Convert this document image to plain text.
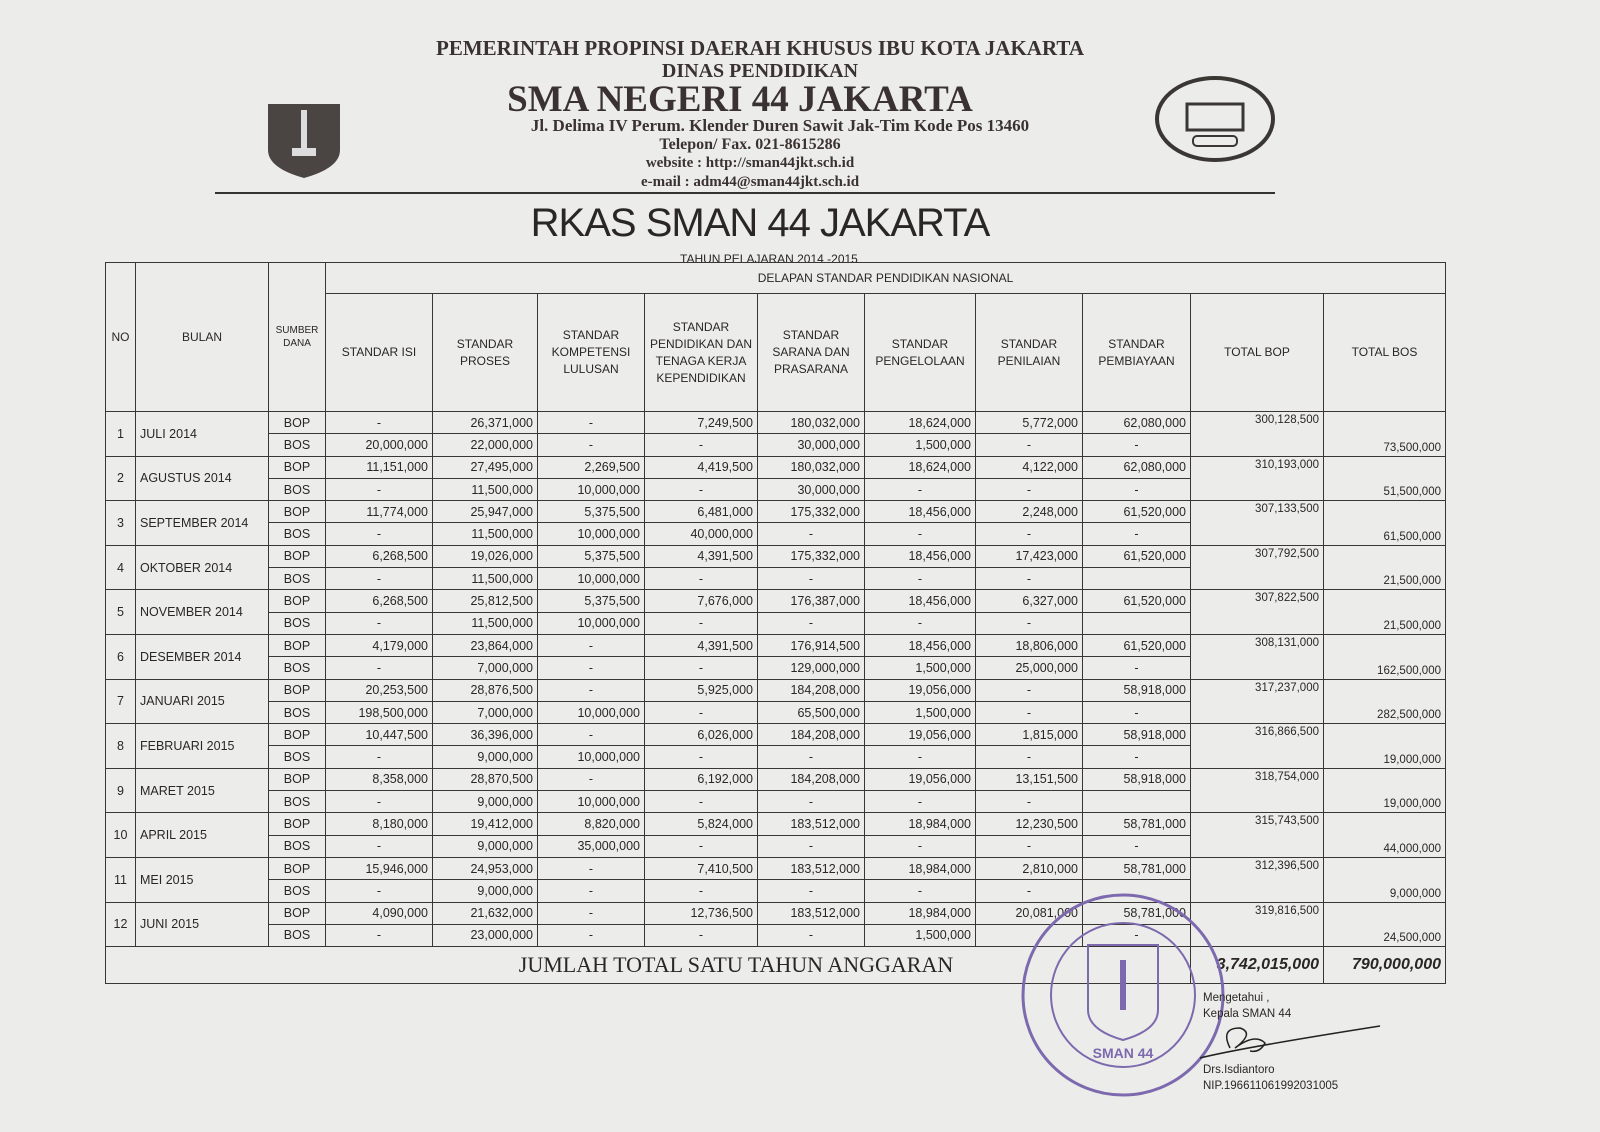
PEMERINTAH PROPINSI DAERAH KHUSUS IBU KOTA JAKARTA
DINAS PENDIDIKAN
SMA NEGERI 44 JAKARTA
Jl. Delima IV Perum. Klender Duren Sawit Jak-Tim Kode Pos 13460
Telepon/ Fax. 021-8615286
website : http://sman44jkt.sch.id
e-mail : adm44@sman44jkt.sch.id
RKAS SMAN 44 JAKARTA
TAHUN PELAJARAN 2014 -2015
NO	BULAN	SUMBER DANA	DELAPAN STANDAR PENDIDIKAN NASIONAL									
			STANDAR ISI	STANDAR PROSES	STANDAR KOMPETENSI LULUSAN	STANDAR PENDIDIKAN DAN TENAGA KERJA KEPENDIDIKAN	STANDAR SARANA DAN PRASARANA	STANDAR PENGELOLAAN	STANDAR PENILAIAN	STANDAR PEMBIAYAAN	TOTAL BOP	TOTAL BOS
1	JULI 2014	BOP	-	26,371,000	-	7,249,500	180,032,000	18,624,000	5,772,000	62,080,000	300,128,500	73,500,000
		BOS	20,000,000	22,000,000	-	-	30,000,000	1,500,000	-	-		
2	AGUSTUS 2014	BOP	11,151,000	27,495,000	2,269,500	4,419,500	180,032,000	18,624,000	4,122,000	62,080,000	310,193,000	51,500,000
		BOS	-	11,500,000	10,000,000	-	30,000,000	-	-	-		
3	SEPTEMBER 2014	BOP	11,774,000	25,947,000	5,375,500	6,481,000	175,332,000	18,456,000	2,248,000	61,520,000	307,133,500	61,500,000
		BOS	-	11,500,000	10,000,000	40,000,000	-	-	-	-		
4	OKTOBER 2014	BOP	6,268,500	19,026,000	5,375,500	4,391,500	175,332,000	18,456,000	17,423,000	61,520,000	307,792,500	21,500,000
		BOS	-	11,500,000	10,000,000	-	-	-	-			
5	NOVEMBER 2014	BOP	6,268,500	25,812,500	5,375,500	7,676,000	176,387,000	18,456,000	6,327,000	61,520,000	307,822,500	21,500,000
		BOS	-	11,500,000	10,000,000	-	-	-	-			
6	DESEMBER 2014	BOP	4,179,000	23,864,000	-	4,391,500	176,914,500	18,456,000	18,806,000	61,520,000	308,131,000	162,500,000
		BOS	-	7,000,000	-	-	129,000,000	1,500,000	25,000,000	-		
7	JANUARI 2015	BOP	20,253,500	28,876,500	-	5,925,000	184,208,000	19,056,000	-	58,918,000	317,237,000	282,500,000
		BOS	198,500,000	7,000,000	10,000,000	-	65,500,000	1,500,000	-	-		
8	FEBRUARI 2015	BOP	10,447,500	36,396,000	-	6,026,000	184,208,000	19,056,000	1,815,000	58,918,000	316,866,500	19,000,000
		BOS	-	9,000,000	10,000,000	-	-	-	-	-		
9	MARET 2015	BOP	8,358,000	28,870,500	-	6,192,000	184,208,000	19,056,000	13,151,500	58,918,000	318,754,000	19,000,000
		BOS	-	9,000,000	10,000,000	-	-	-	-			
10	APRIL 2015	BOP	8,180,000	19,412,000	8,820,000	5,824,000	183,512,000	18,984,000	12,230,500	58,781,000	315,743,500	44,000,000
		BOS	-	9,000,000	35,000,000	-	-	-	-	-		
11	MEI 2015	BOP	15,946,000	24,953,000	-	7,410,500	183,512,000	18,984,000	2,810,000	58,781,000	312,396,500	9,000,000
		BOS	-	9,000,000	-	-	-	-	-			
12	JUNI 2015	BOP	4,090,000	21,632,000	-	12,736,500	183,512,000	18,984,000	20,081,000	58,781,000	319,816,500	24,500,000
		BOS	-	23,000,000	-	-	-	1,500,000		-		
JUMLAH TOTAL SATU TAHUN ANGGARAN											3,742,015,000	790,000,000
SMAN 44
Mengetahui ,
Kepala SMAN 44
Drs.Isdiantoro
NIP.196611061992031005
